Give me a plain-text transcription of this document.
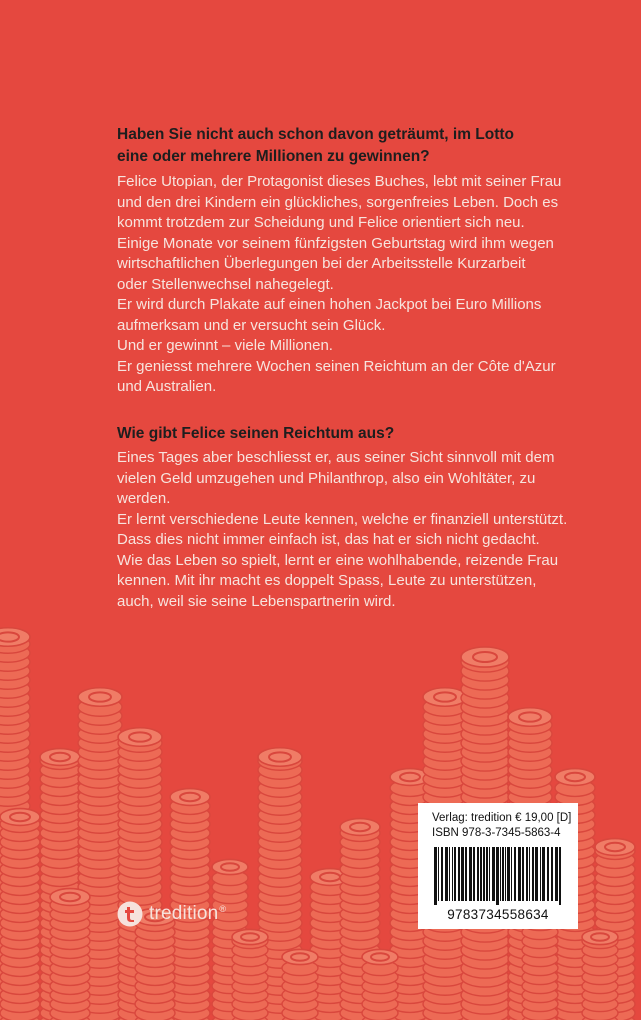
Haben Sie nicht auch schon davon geträumt, im Lotto eine oder mehrere Millionen zu gewinnen?

Felice Utopian, der Protagonist dieses Buches, lebt mit seiner Frau

und den drei Kindern ein glückliches, sorgenfreies Leben. Doch es

kommt trotzdem zur Scheidung und Felice orientiert sich neu.

Einige Monate vor seinem fünfzigsten Geburtstag wird ihm wegen

wirtschaftlichen Überlegungen bei der Arbeitsstelle Kurzarbeit

oder Stellenwechsel nahegelegt.

Er wird durch Plakate auf einen hohen Jackpot bei Euro Millions

aufmerksam und er versucht sein Glück.

Und er gewinnt – viele Millionen.

Er geniesst mehrere Wochen seinen Reichtum an der Côte d'Azur

und Australien.

Wie gibt Felice seinen Reichtum aus?

Eines Tages aber beschliesst er, aus seiner Sicht sinnvoll mit dem

vielen Geld umzugehen und Philanthrop, also ein Wohltäter, zu

werden.

Er lernt verschiedene Leute kennen, welche er finanziell unterstützt.

Dass dies nicht immer einfach ist, das hat er sich nicht gedacht.

Wie das Leben so spielt, lernt er eine wohlhabende, reizende Frau

kennen. Mit ihr macht es doppelt Spass, Leute zu unterstützen,

auch, weil sie seine Lebenspartnerin wird.

Verlag: tredition € 19,00 [D]
ISBN 978-3-7345-5863-4
9783734558634
tredition ®
